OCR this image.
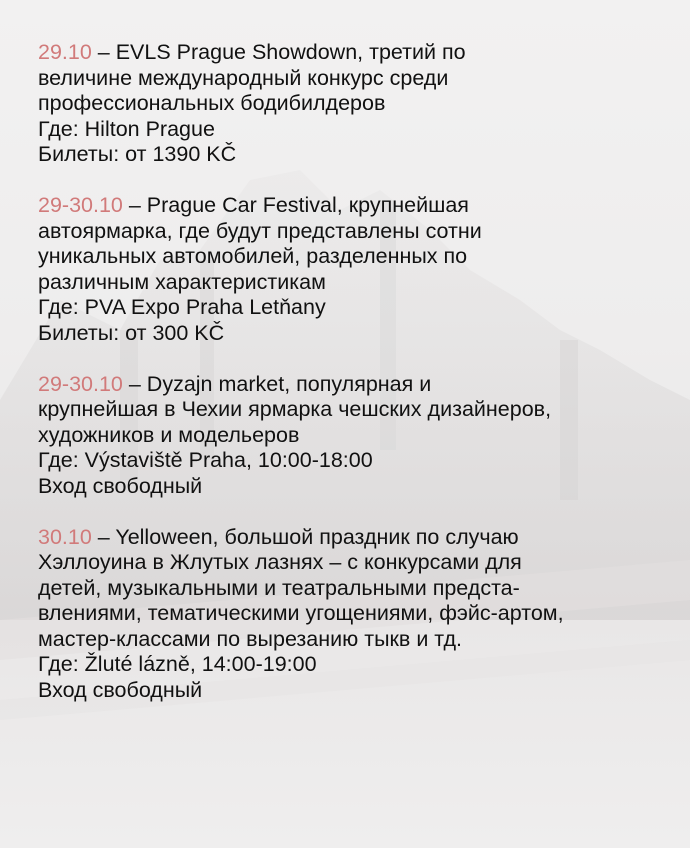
29.10 – EVLS Prague Showdown, третий по
величине международный конкурс среди
профессиональных бодибилдеров
Где: Hilton Prague
Билеты: от 1390 KČ
29-30.10 – Prague Car Festival, крупнейшая
автоярмарка, где будут представлены сотни
уникальных автомобилей, разделенных по
различным характеристикам
Где: PVA Expo Praha Letňany
Билеты: от 300 KČ
29-30.10 – Dyzajn market, популярная и
крупнейшая в Чехии ярмарка чешских дизайнеров,
художников и модельеров
Где: Výstaviště Praha, 10:00-18:00
Вход свободный
30.10 – Yelloween, большой праздник по случаю
Хэллоуина в Жлутых лазнях – с конкурсами для
детей, музыкальными и театральными предста-
влениями, тематическими угощениями, фэйс-артом,
мастер-классами по вырезанию тыкв и тд.
Где: Žluté lázně, 14:00-19:00
Вход свободный
